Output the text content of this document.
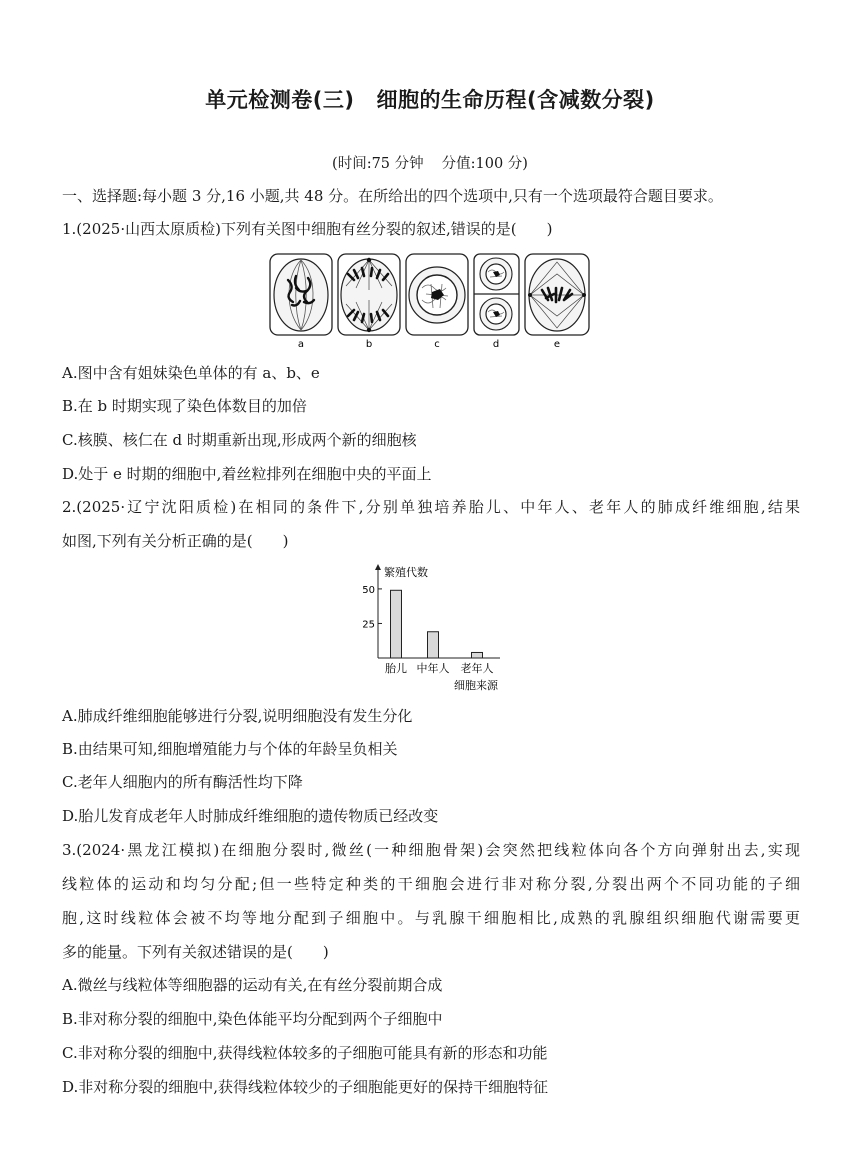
单元检测卷(三) 细胞的生命历程(含减数分裂)
(时间:75 分钟 分值:100 分)
一、选择题:每小题 3 分,16 小题,共 48 分。在所给出的四个选项中,只有一个选项最符合题目要求。
1.(2025·山西太原质检)下列有关图中细胞有丝分裂的叙述,错误的是(　　)
a	b	c	d	e
A.图中含有姐妹染色单体的有 a、b、e
B.在 b 时期实现了染色体数目的加倍
C.核膜、核仁在 d 时期重新出现,形成两个新的细胞核
D.处于 e 时期的细胞中,着丝粒排列在细胞中央的平面上
2.(2025·辽宁沈阳质检)在相同的条件下,分别单独培养胎儿、中年人、老年人的肺成纤维细胞,结果
如图,下列有关分析正确的是(　　)
繁殖代数
细胞来源
25
50
胎儿 中年人 老年人
A.肺成纤维细胞能够进行分裂,说明细胞没有发生分化
B.由结果可知,细胞增殖能力与个体的年龄呈负相关
C.老年人细胞内的所有酶活性均下降
D.胎儿发育成老年人时肺成纤维细胞的遗传物质已经改变
3.(2024·黑龙江模拟)在细胞分裂时,微丝(一种细胞骨架)会突然把线粒体向各个方向弹射出去,实现
线粒体的运动和均匀分配;但一些特定种类的干细胞会进行非对称分裂,分裂出两个不同功能的子细
胞,这时线粒体会被不均等地分配到子细胞中。与乳腺干细胞相比,成熟的乳腺组织细胞代谢需要更
多的能量。下列有关叙述错误的是(　　)
A.微丝与线粒体等细胞器的运动有关,在有丝分裂前期合成
B.非对称分裂的细胞中,染色体能平均分配到两个子细胞中
C.非对称分裂的细胞中,获得线粒体较多的子细胞可能具有新的形态和功能
D.非对称分裂的细胞中,获得线粒体较少的子细胞能更好的保持干细胞特征
